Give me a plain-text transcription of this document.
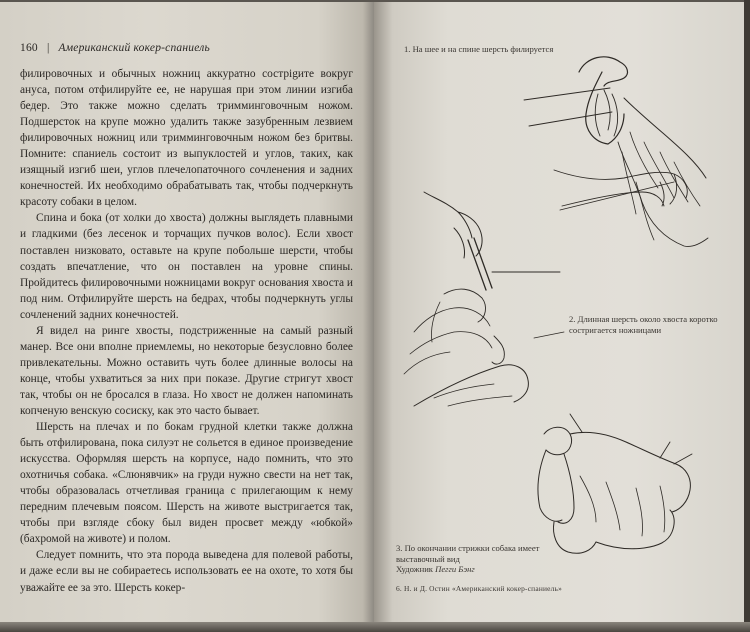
160 | Американский кокер-спаниель

филировочных и обычных ножниц аккуратно сострigите вокруг ануса, потом отфилируйте ее, не нарушая при этом линии изгиба бедер. Это также можно сделать тримминговочным ножом. Подшерсток на крупе можно удалить также зазубренным лезвием филировочных ножниц или тримминговочным ножом без бритвы. Помните: спаниель состоит из выпуклостей и углов, таких, как изящный изгиб шеи, углов плечелопаточного сочленения и задних конечностей. Их необходимо обрабатывать так, чтобы подчеркнуть красоту собаки в целом.

Спина и бока (от холки до хвоста) должны выглядеть плавными и гладкими (без лесенок и торчащих пучков волос). Если хвост поставлен низковато, оставьте на крупе побольше шерсти, чтобы создать впечатление, что он поставлен на уровне спины. Пройдитесь филировочными ножницами вокруг основания хвоста и под ним. Отфилируйте шерсть на бедрах, чтобы подчеркнуть углы сочленений задних конечностей.

Я видел на ринге хвосты, подстриженные на самый разный манер. Все они вполне приемлемы, но некоторые безусловно более привлекательны. Можно оставить чуть более длинные волосы на конце, чтобы ухватиться за них при показе. Другие стригут хвост так, чтобы он не бросался в глаза. Но хвост не должен напоминать копченую венскую сосиску, как это часто бывает.

Шерсть на плечах и по бокам грудной клетки также должна быть отфилирована, пока силуэт не сольется в единое произведение искусства. Оформляя шерсть на корпусе, надо помнить, что это охотничья собака. «Слюнявчик» на груди нужно свести на нет так, чтобы образовалась отчетливая граница с прилегающим к нему передним плечевым поясом. Шерсть на животе выстригается так, чтобы при взгляде сбоку был виден просвет между «юбкой» (бахромой на животе) и полом.

Следует помнить, что эта порода выведена для полевой работы, и даже если вы не собираетесь использовать ее на охоте, то хотя бы уважайте ее за это. Шерсть кокер-

1. На шее и на спине шерсть филируется
2. Длинная шерсть около хвоста коротко состригается ножницами
3. По окончании стрижки собака имеет выставочный вид
Художник Пегги Бэнг
6. Н. и Д. Остин «Американский кокер-спаниель»
